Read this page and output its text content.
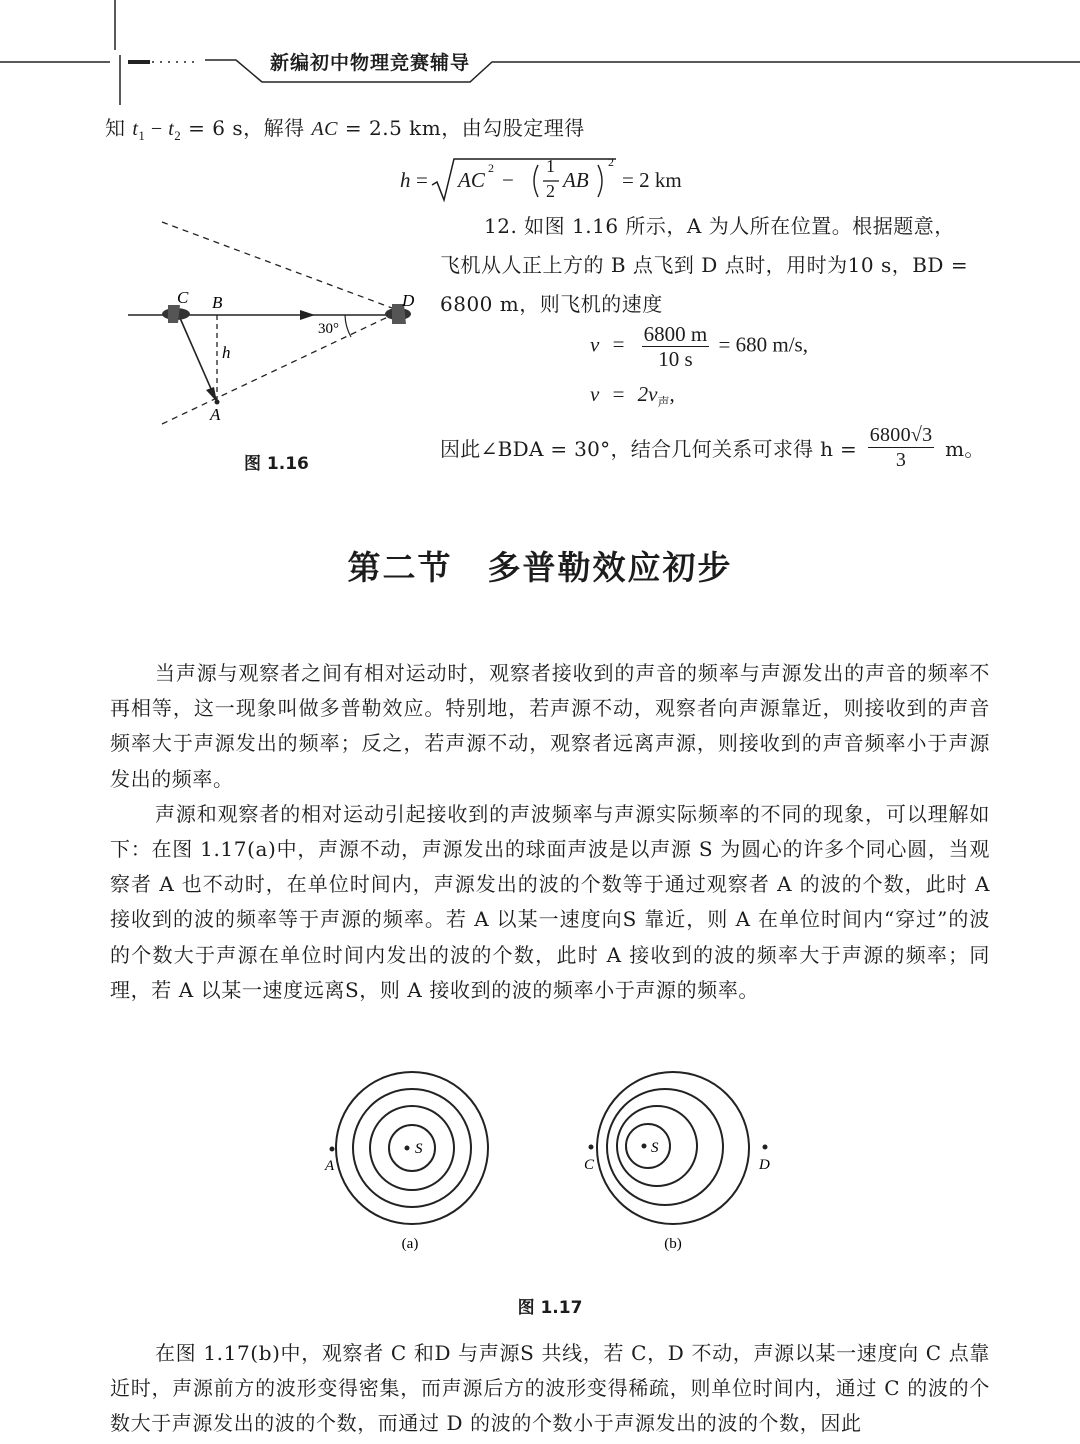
新编初中物理竞赛辅导
知 $t_1 - t_2 = 6$ s，解得 AC = 2.5 km，由勾股定理得
h = AC 2 −
1
2 AB
2
= 2 km
C B	D
A
h
30°
图 1.16
12. 如图 1.16 所示，A 为人所在位置。根据题意，
飞机从人正上方的 B 点飞到 D 点时，用时为10 s，BD =
6800 m，则飞机的速度
$v = \frac{6800 m}{10 s} = 680$ m/s,
$v = 2v_声$,
因此∠BDA = 30°，结合几何关系可求得 $h = \frac{6800√3}{3}$ m。
第二节　多普勒效应初步

当声源与观察者之间有相对运动时，观察者接收到的声音的频率与声源发出的声音的频率不再相等，这一现象叫做多普勒效应。特别地，若声源不动，观察者向声源靠近，则接收到的声音频率大于声源发出的频率；反之，若声源不动，观察者远离声源，则接收到的声音频率小于声源发出的频率。

声源和观察者的相对运动引起接收到的声波频率与声源实际频率的不同的现象，可以理解如下：在图 1.17(a)中，声源不动，声源发出的球面声波是以声源 S 为圆心的许多个同心圆，当观察者 A 也不动时，在单位时间内，声源发出的波的个数等于通过观察者 A 的波的个数，此时 A 接收到的波的频率等于声源的频率。若 A 以某一速度向S 靠近，则 A 在单位时间内“穿过”的波的个数大于声源在单位时间内发出的波的个数，此时 A 接收到的波的频率大于声源的频率；同理，若 A 以某一速度远离S，则 A 接收到的波的频率小于声源的频率。

S
A
(a)
S
C	D
(b)
图 1.17

在图 1.17(b)中，观察者 C 和D 与声源S 共线，若 C，D 不动，声源以某一速度向 C 点靠近时，声源前方的波形变得密集，而声源后方的波形变得稀疏，则单位时间内，通过 C 的波的个数大于声源发出的波的个数，而通过 D 的波的个数小于声源发出的波的个数，因此
